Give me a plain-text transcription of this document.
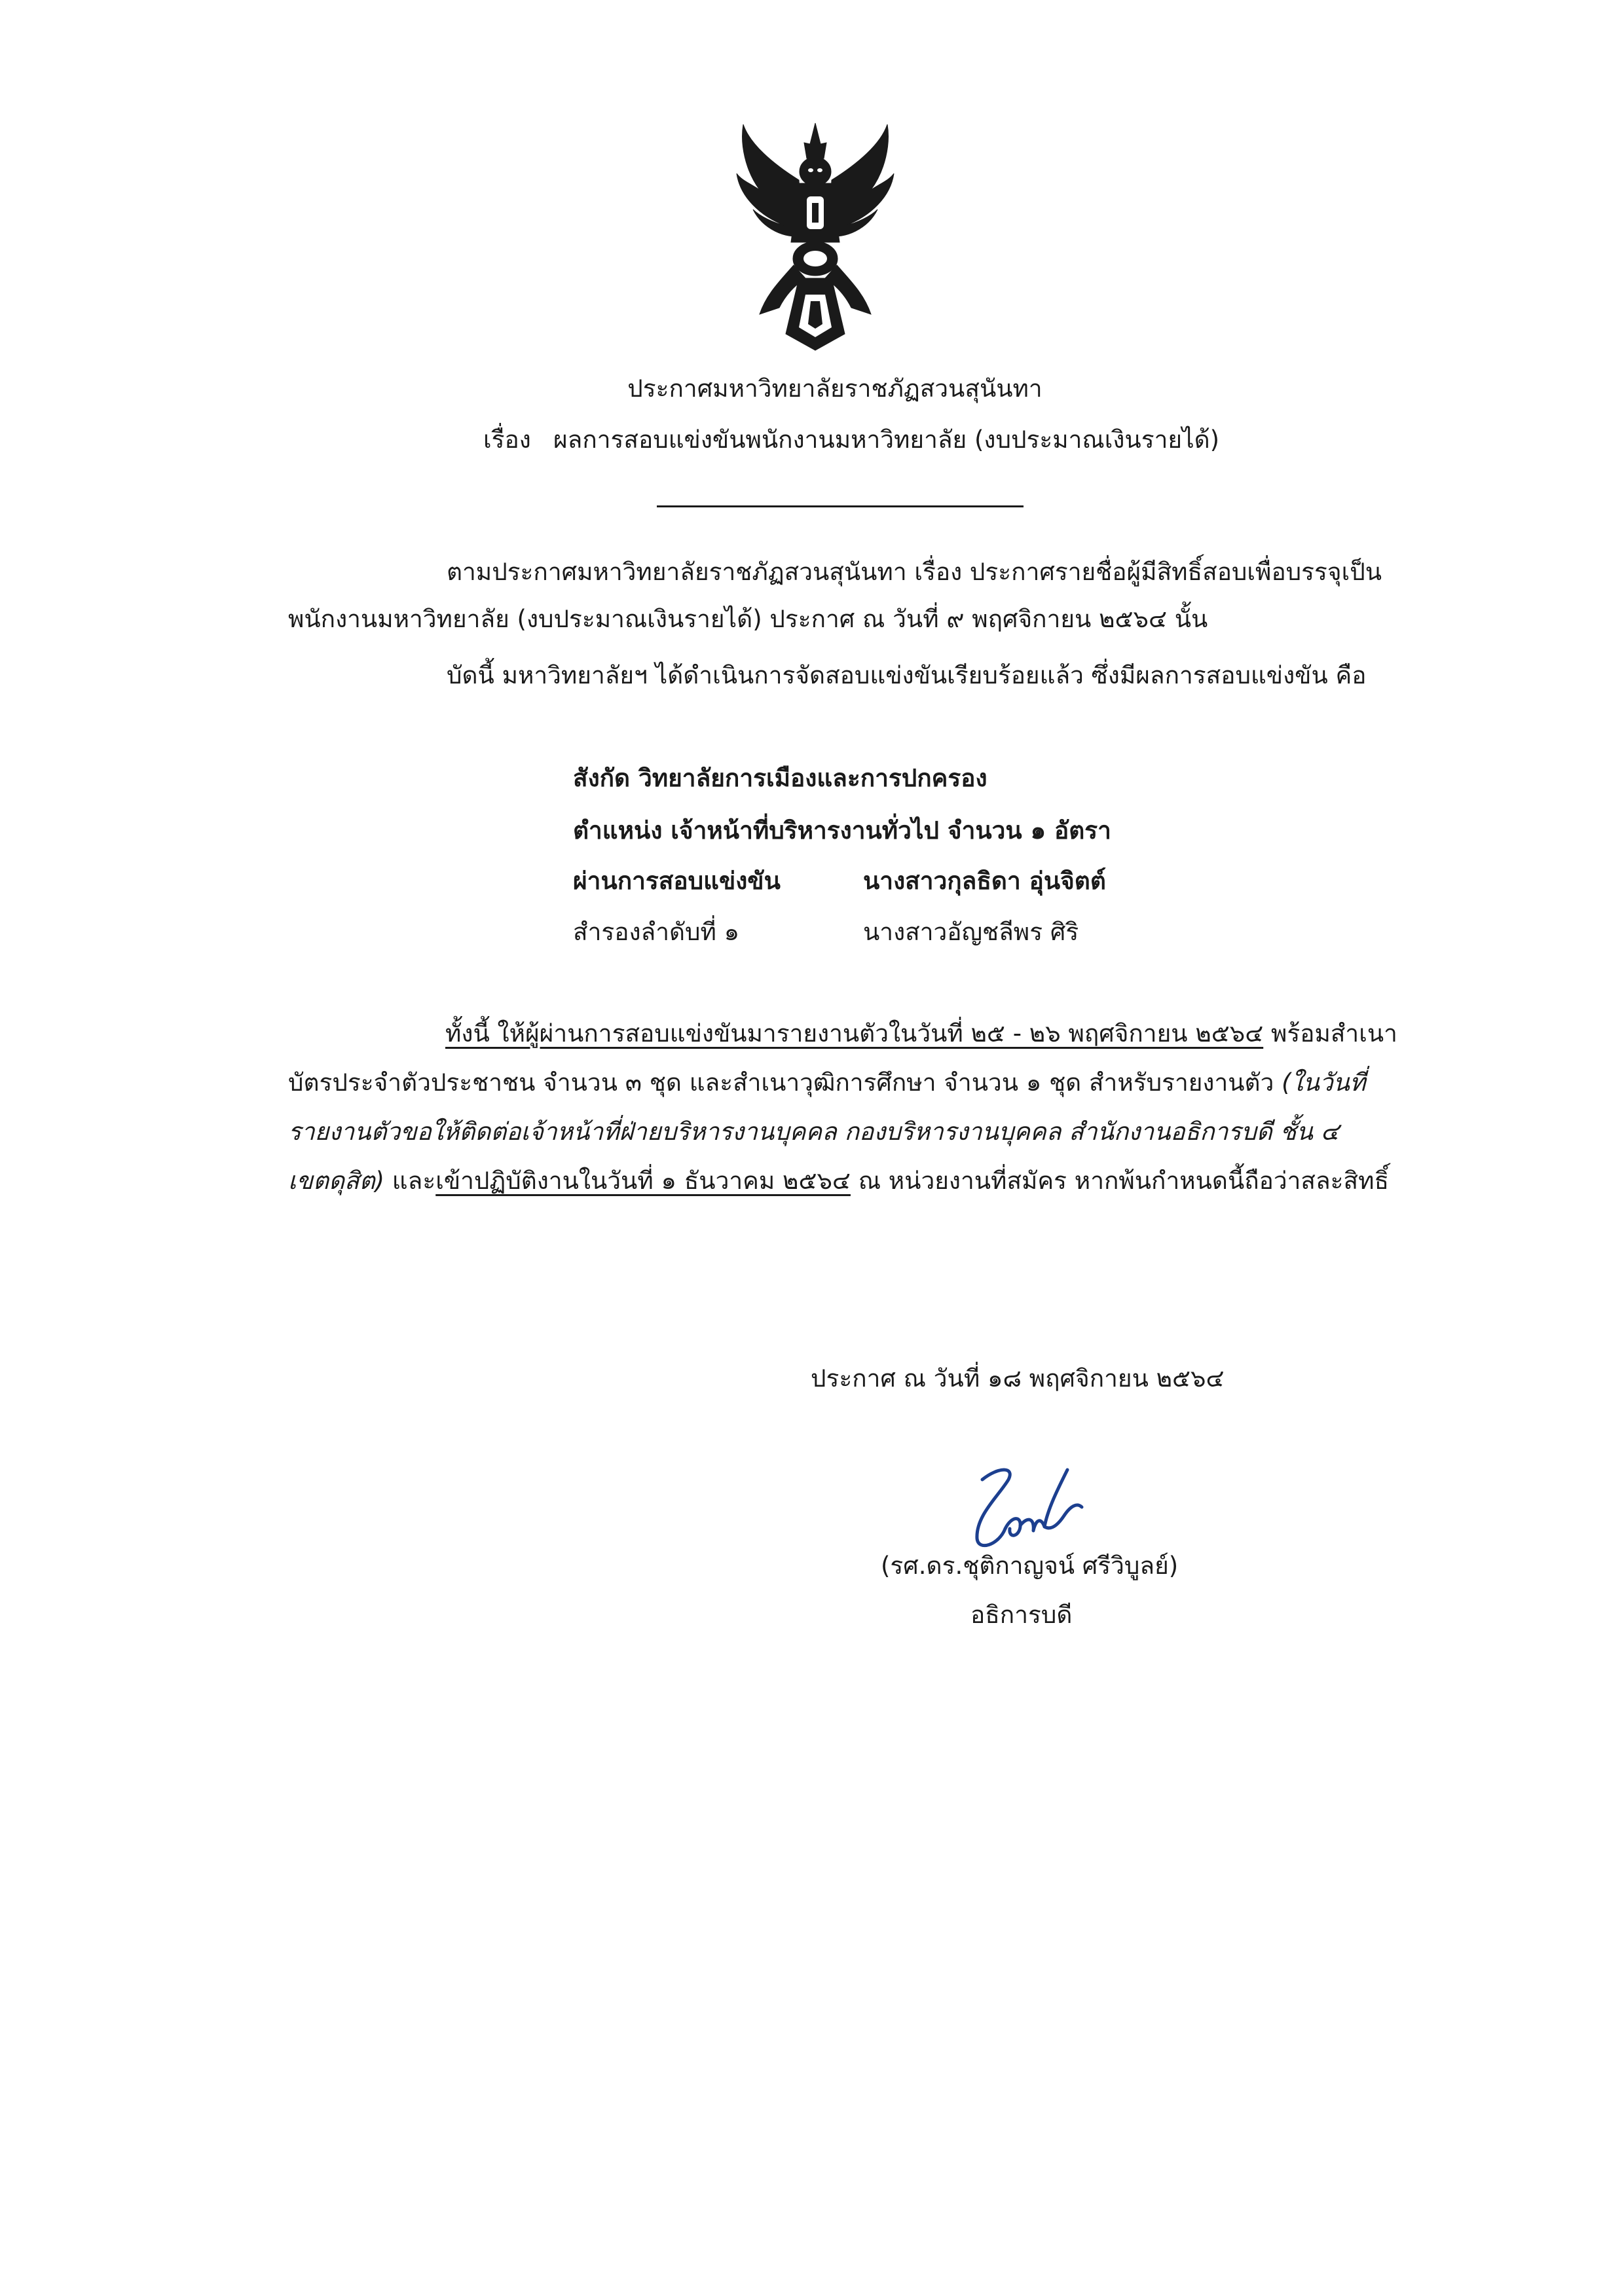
ประกาศมหาวิทยาลัยราชภัฏสวนสุนันทา
เรื่อง ผลการสอบแข่งขันพนักงานมหาวิทยาลัย (งบประมาณเงินรายได้)
ตามประกาศมหาวิทยาลัยราชภัฏสวนสุนันทา เรื่อง ประกาศรายชื่อผู้มีสิทธิ์สอบเพื่อบรรจุเป็น
พนักงานมหาวิทยาลัย (งบประมาณเงินรายได้) ประกาศ ณ วันที่ ๙ พฤศจิกายน ๒๕๖๔ นั้น
บัดนี้ มหาวิทยาลัยฯ ได้ดำเนินการจัดสอบแข่งขันเรียบร้อยแล้ว ซึ่งมีผลการสอบแข่งขัน คือ
สังกัด วิทยาลัยการเมืองและการปกครอง
ตำแหน่ง เจ้าหน้าที่บริหารงานทั่วไป จำนวน ๑ อัตรา
ผ่านการสอบแข่งขัน	นางสาวกุลธิดา อุ่นจิตต์
สำรองลำดับที่ ๑	นางสาวอัญชลีพร ศิริ
ทั้งนี้ ให้ผู้ผ่านการสอบแข่งขันมารายงานตัวในวันที่ ๒๕ - ๒๖ พฤศจิกายน ๒๕๖๔ พร้อมสำเนา
บัตรประจำตัวประชาชน จำนวน ๓ ชุด และสำเนาวุฒิการศึกษา จำนวน ๑ ชุด สำหรับรายงานตัว (ในวันที่
รายงานตัวขอให้ติดต่อเจ้าหน้าที่ฝ่ายบริหารงานบุคคล กองบริหารงานบุคคล สำนักงานอธิการบดี ชั้น ๔
เขตดุสิต) และเข้าปฏิบัติงานในวันที่ ๑ ธันวาคม ๒๕๖๔ ณ หน่วยงานที่สมัคร หากพ้นกำหนดนี้ถือว่าสละสิทธิ์
ประกาศ ณ วันที่ ๑๘ พฤศจิกายน ๒๕๖๔
(รศ.ดร.ชุติกาญจน์ ศรีวิบูลย์)
อธิการบดี
